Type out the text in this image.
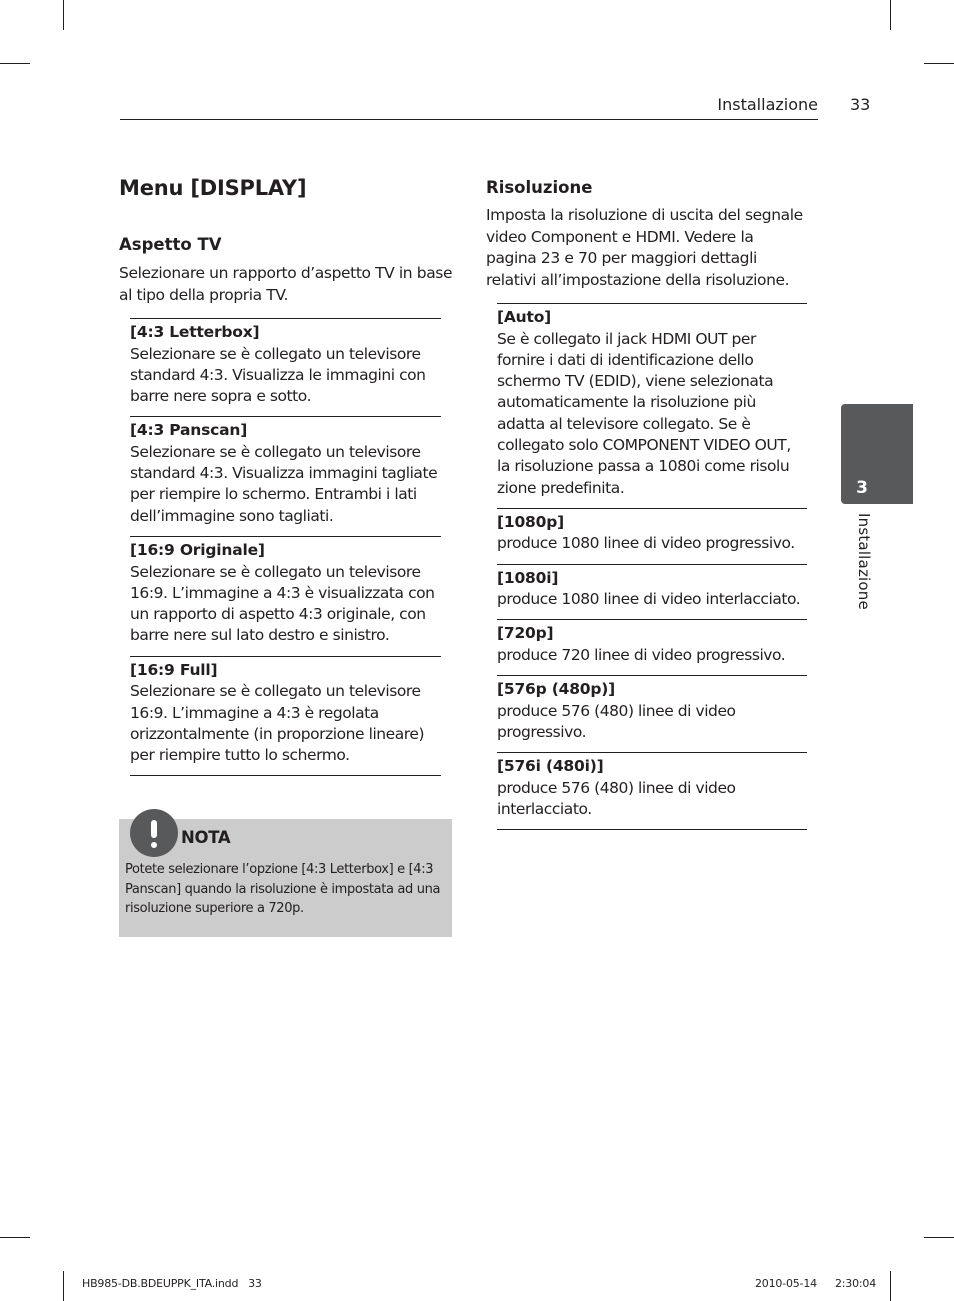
Installazione 33
Menu [DISPLAY]
Aspetto TV

Selezionare un rapporto d’aspetto TV in base al tipo della propria TV.

[4:3 Letterbox]
Selezionare se è collegato un televisore standard 4:3. Visualizza le immagini con barre nere sopra e sotto.
[4:3 Panscan]
Selezionare se è collegato un televisore standard 4:3. Visualizza immagini tagliate per riempire lo schermo. Entrambi i lati dell’immagine sono tagliati.
[16:9 Originale]
Selezionare se è collegato un televisore 16:9. L’immagine a 4:3 è visualizzata con un rapporto di aspetto 4:3 originale, con barre nere sul lato destro e sinistro.
[16:9 Full]
Selezionare se è collegato un televisore 16:9. L’immagine a 4:3 è regolata orizzontalmente (in proporzione lineare) per riempire tutto lo schermo.
NOTA

Potete selezionare l’opzione [4:3 Letterbox] e [4:3 Panscan] quando la risoluzione è impostata ad una risoluzione superiore a 720p.

Risoluzione

Imposta la risoluzione di uscita del segnale video Component e HDMI. Vedere la pagina 23 e 70 per maggiori dettagli relativi all’impostazione della risoluzione.

[Auto]
Se è collegato il jack HDMI OUT per fornire i dati di identificazione dello schermo TV (EDID), viene selezionata automaticamente la risoluzione più adatta al televisore collegato. Se è collegato solo COMPONENT VIDEO OUT, la risoluzione passa a 1080i come risolu zione predefinita.
[1080p]
produce 1080 linee di video progressivo.
[1080i]
produce 1080 linee di video interlacciato.
[720p]
produce 720 linee di video progressivo.
[576p (480p)]
produce 576 (480) linee di video progressivo.
[576i (480i)]
produce 576 (480) linee di video interlacciato.
3
Installazione
HB985-DB.BDEUPPK_ITA.indd   33	2010-05-14 2:30:04
